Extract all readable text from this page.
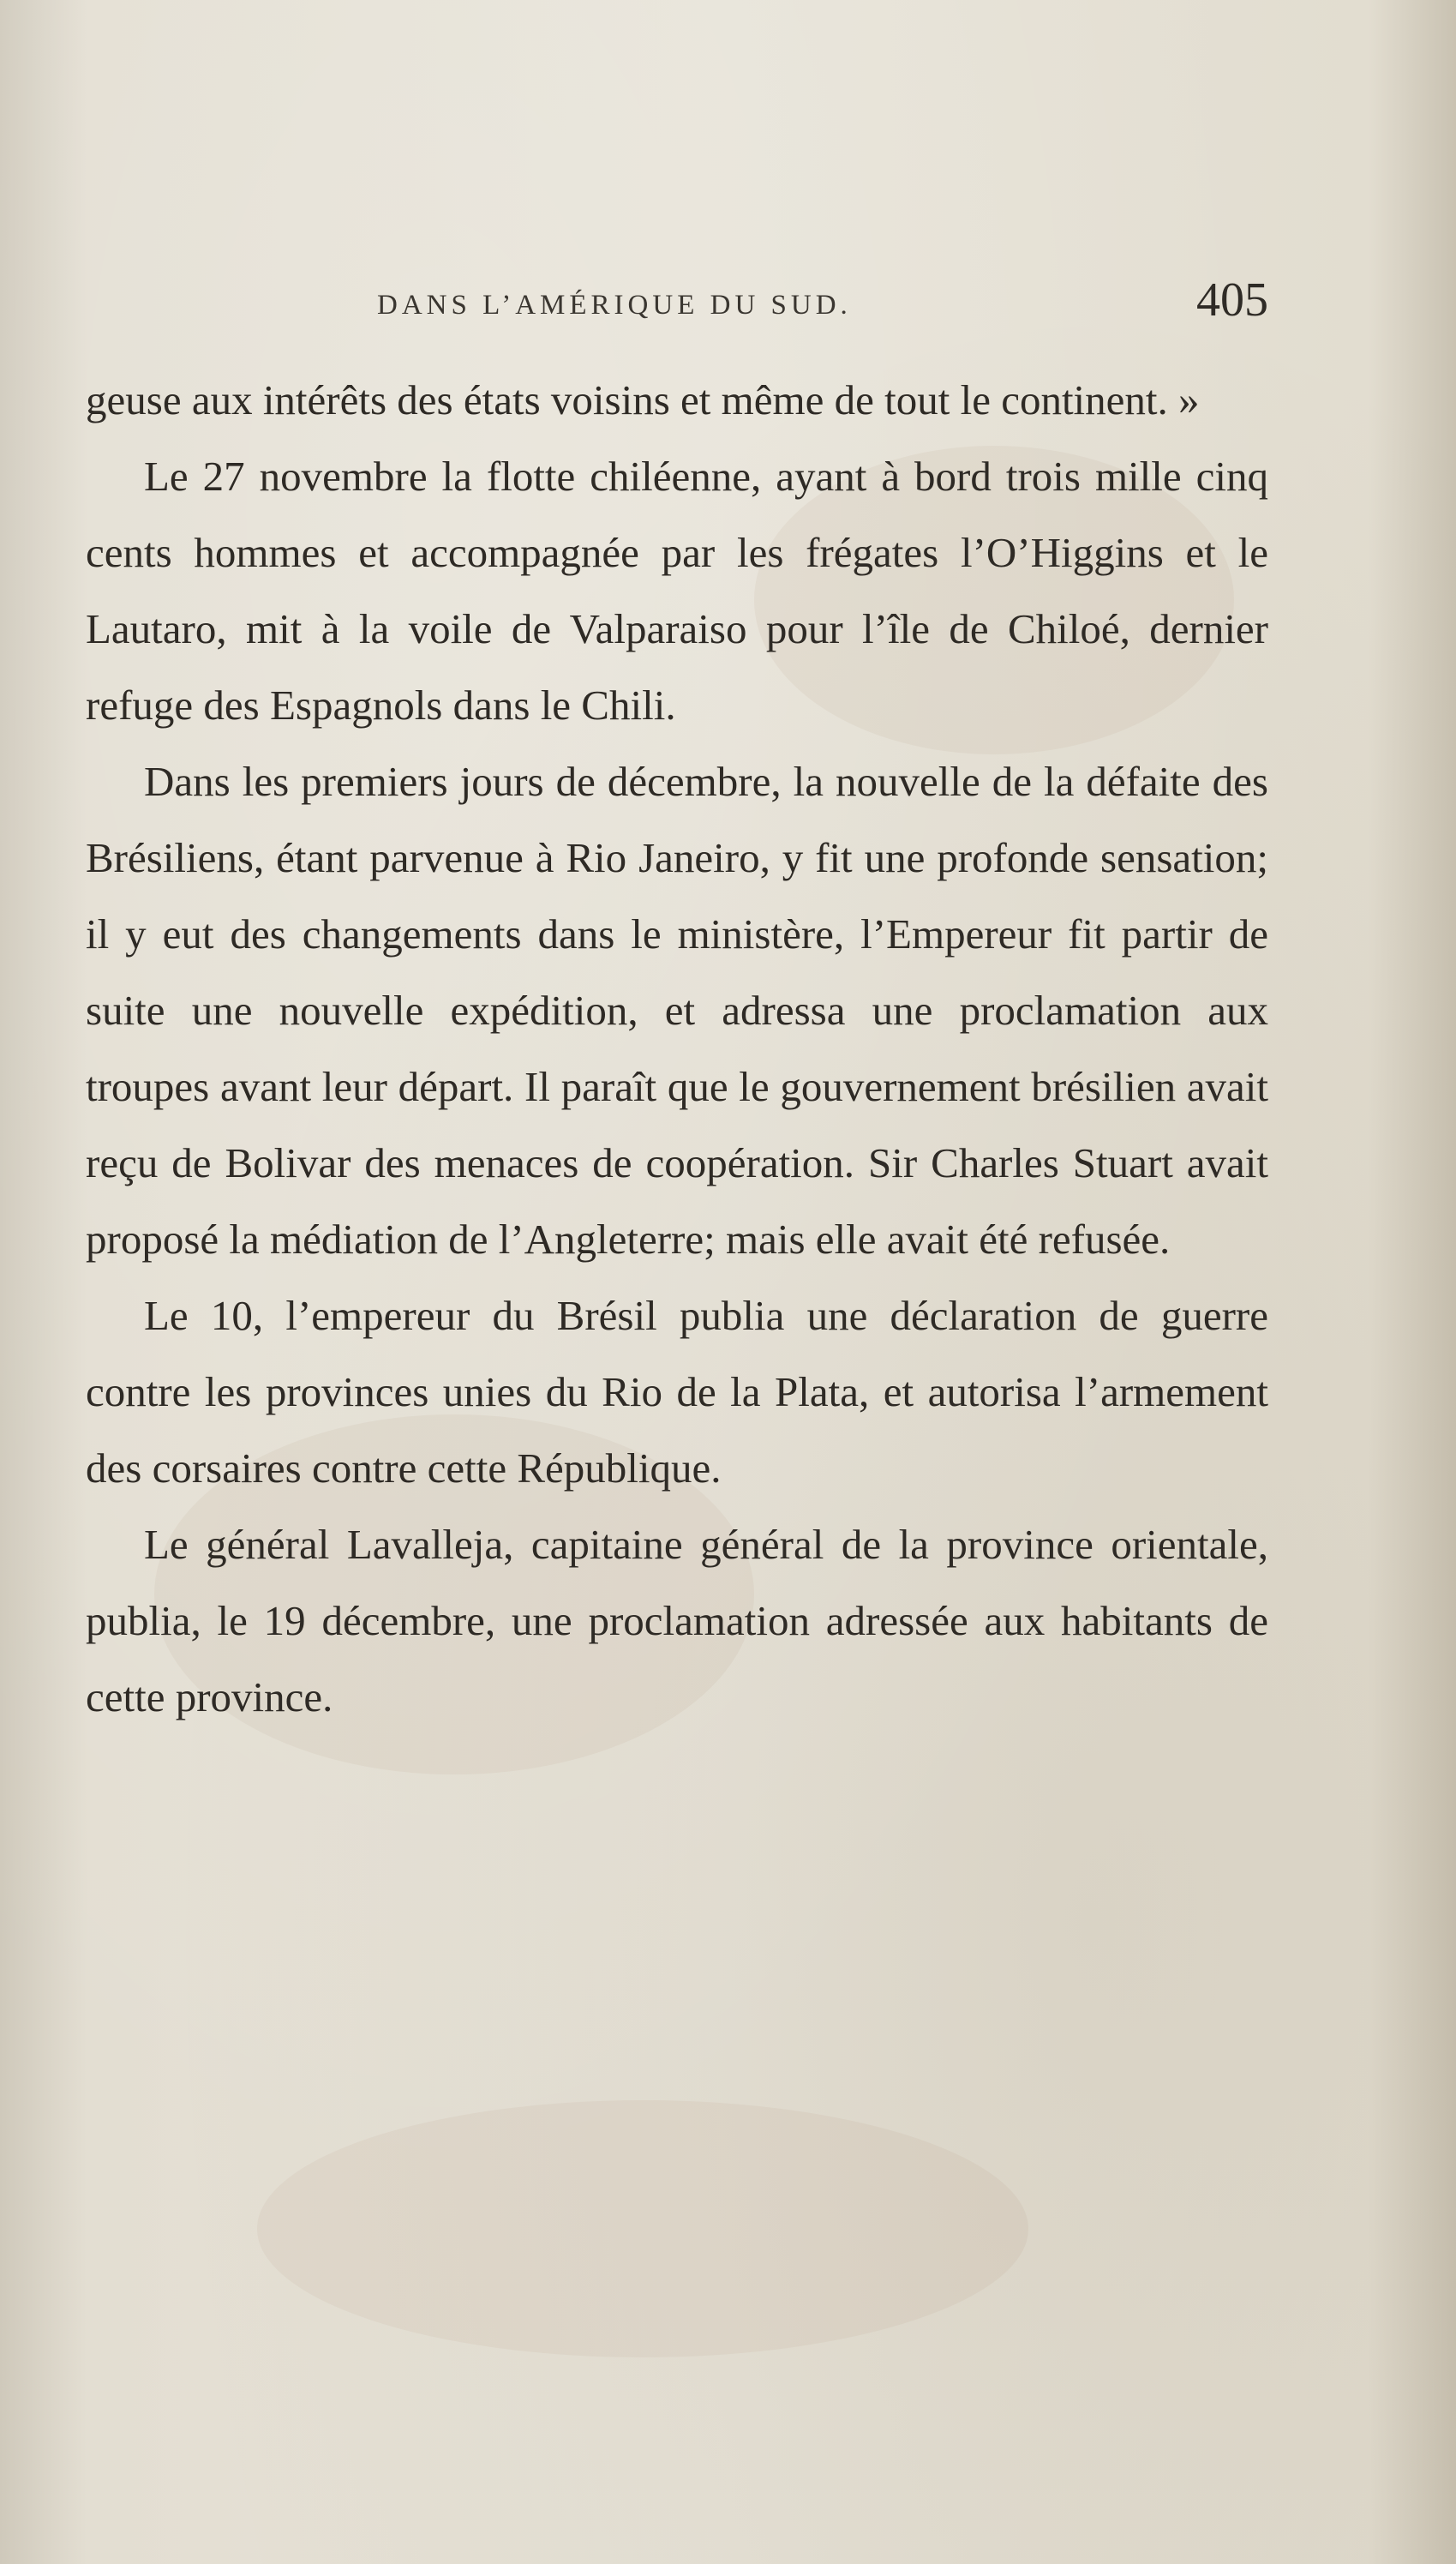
DANS L’AMÉRIQUE DU SUD.	405

geuse aux intérêts des états voisins et même de tout le continent. »

Le 27 novembre la flotte chiléenne, ayant à bord trois mille cinq cents hommes et accompagnée par les frégates l’O’Higgins et le Lautaro, mit à la voile de Valparaiso pour l’île de Chiloé, dernier refuge des Espagnols dans le Chili.

Dans les premiers jours de décembre, la nouvelle de la défaite des Brésiliens, étant parvenue à Rio Janeiro, y fit une profonde sensation; il y eut des changements dans le ministère, l’Empereur fit partir de suite une nouvelle expédition, et adressa une proclamation aux troupes avant leur départ. Il paraît que le gouvernement brésilien avait reçu de Bolivar des menaces de coopération. Sir Charles Stuart avait proposé la médiation de l’Angleterre; mais elle avait été refusée.

Le 10, l’empereur du Brésil publia une déclaration de guerre contre les provinces unies du Rio de la Plata, et autorisa l’armement des corsaires contre cette République.

Le général Lavalleja, capitaine général de la province orientale, publia, le 19 décembre, une proclamation adressée aux habitants de cette province.
